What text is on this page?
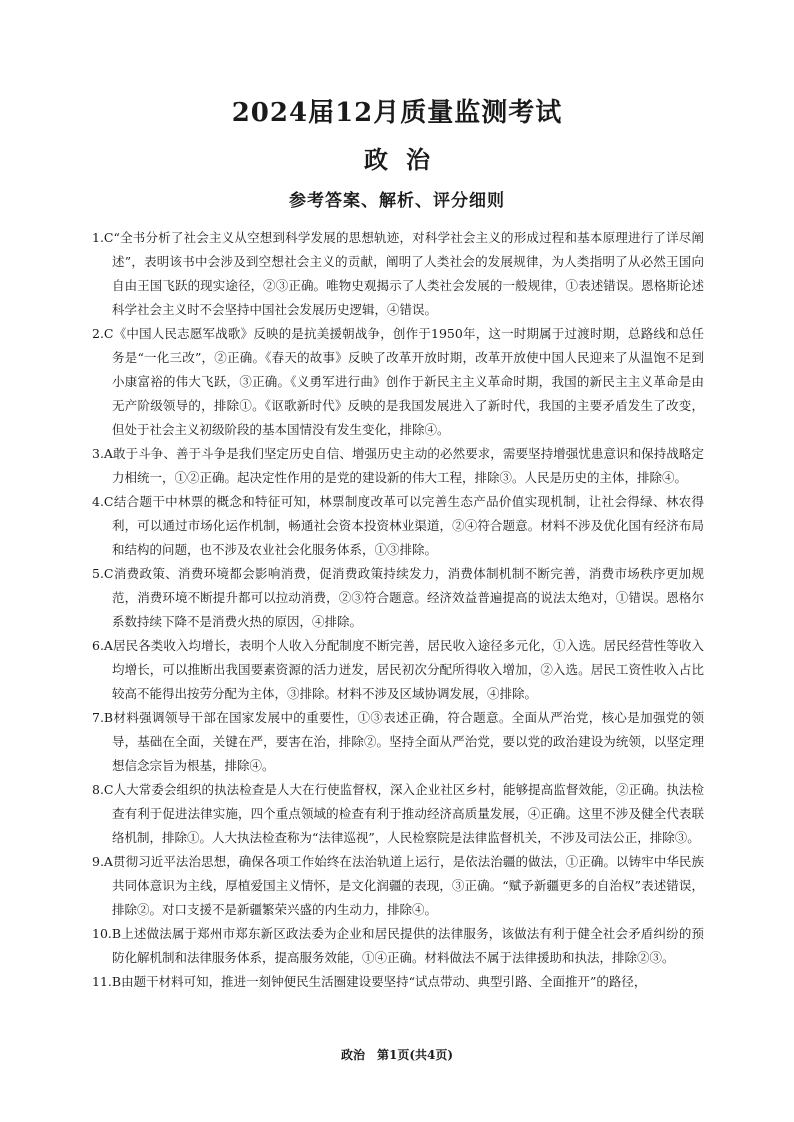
2024届12月质量监测考试
政治
参考答案、解析、评分细则

1.C“全书分析了社会主义从空想到科学发展的思想轨迹，对科学社会主义的形成过程和基本原理进行了详尽阐述”，表明该书中会涉及到空想社会主义的贡献，阐明了人类社会的发展规律，为人类指明了从必然王国向自由王国飞跃的现实途径，②③正确。唯物史观揭示了人类社会发展的一般规律，①表述错误。恩格斯论述科学社会主义时不会坚持中国社会发展历史逻辑，④错误。

2.C《中国人民志愿军战歌》反映的是抗美援朝战争，创作于1950年，这一时期属于过渡时期，总路线和总任务是“一化三改”，②正确。《春天的故事》反映了改革开放时期，改革开放使中国人民迎来了从温饱不足到小康富裕的伟大飞跃，③正确。《义勇军进行曲》创作于新民主主义革命时期，我国的新民主主义革命是由无产阶级领导的，排除①。《讴歌新时代》反映的是我国发展进入了新时代，我国的主要矛盾发生了改变，但处于社会主义初级阶段的基本国情没有发生变化，排除④。

3.A敢于斗争、善于斗争是我们坚定历史自信、增强历史主动的必然要求，需要坚持增强忧患意识和保持战略定力相统一，①②正确。起决定性作用的是党的建设新的伟大工程，排除③。人民是历史的主体，排除④。

4.C结合题干中林票的概念和特征可知，林票制度改革可以完善生态产品价值实现机制，让社会得绿、林农得利，可以通过市场化运作机制，畅通社会资本投资林业渠道，②④符合题意。材料不涉及优化国有经济布局和结构的问题，也不涉及农业社会化服务体系，①③排除。

5.C消费政策、消费环境都会影响消费，促消费政策持续发力，消费体制机制不断完善，消费市场秩序更加规范，消费环境不断提升都可以拉动消费，②③符合题意。经济效益普遍提高的说法太绝对，①错误。恩格尔系数持续下降不是消费火热的原因，④排除。

6.A居民各类收入均增长，表明个人收入分配制度不断完善，居民收入途径多元化，①入选。居民经营性等收入均增长，可以推断出我国要素资源的活力迸发，居民初次分配所得收入增加，②入选。居民工资性收入占比较高不能得出按劳分配为主体，③排除。材料不涉及区域协调发展，④排除。

7.B材料强调领导干部在国家发展中的重要性，①③表述正确，符合题意。全面从严治党，核心是加强党的领导，基础在全面，关键在严，要害在治，排除②。坚持全面从严治党，要以党的政治建设为统领，以坚定理想信念宗旨为根基，排除④。

8.C人大常委会组织的执法检查是人大在行使监督权，深入企业社区乡村，能够提高监督效能，②正确。执法检查有利于促进法律实施，四个重点领域的检查有利于推动经济高质量发展，④正确。这里不涉及健全代表联络机制，排除①。人大执法检查称为“法律巡视”，人民检察院是法律监督机关，不涉及司法公正，排除③。

9.A贯彻习近平法治思想，确保各项工作始终在法治轨道上运行，是依法治疆的做法，①正确。以铸牢中华民族共同体意识为主线，厚植爱国主义情怀，是文化润疆的表现，③正确。“赋予新疆更多的自治权”表述错误，排除②。对口支援不是新疆繁荣兴盛的内生动力，排除④。

10.B上述做法属于郑州市郑东新区政法委为企业和居民提供的法律服务，该做法有利于健全社会矛盾纠纷的预防化解机制和法律服务体系，提高服务效能，①④正确。材料做法不属于法律援助和执法，排除②③。

11.B由题干材料可知，推进一刻钟便民生活圈建设要坚持“试点带动、典型引路、全面推开”的路径，

政治　第1页(共4页)
